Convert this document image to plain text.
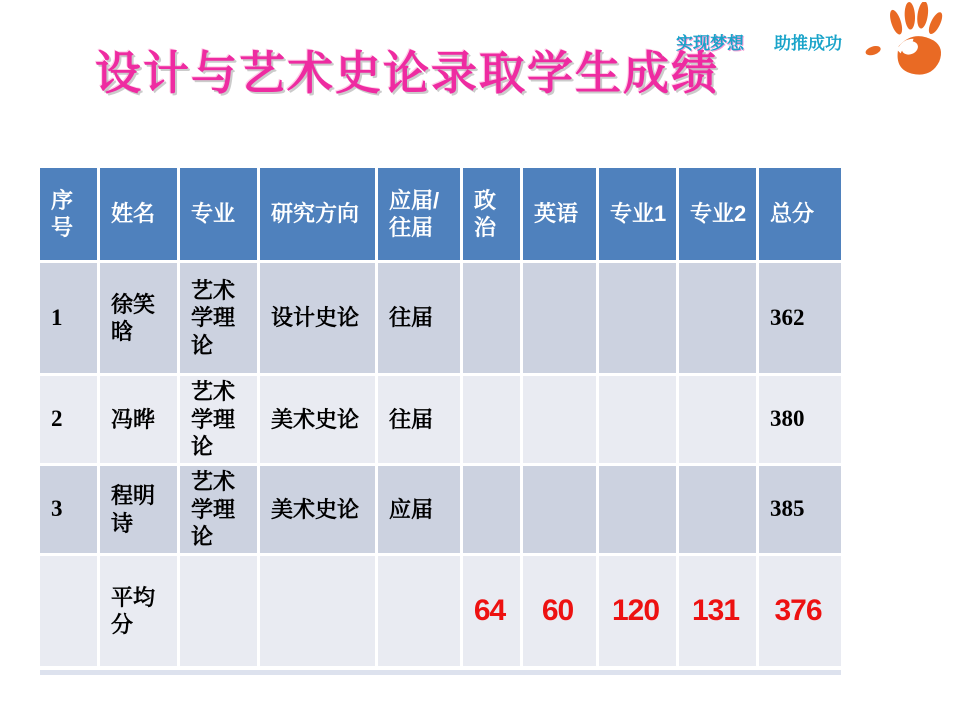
设计与艺术史论录取学生成绩
实现梦想 助推成功
序号	姓名	专业	研究方向	应届/往届	政治	英语	专业1	专业2	总分
1	徐笑晗	艺术学理论	设计史论	往届					362
2	冯晔	艺术学理论	美术史论	往届					380
3	程明诗	艺术学理论	美术史论	应届					385
	平均分				64	60	120	131	376
